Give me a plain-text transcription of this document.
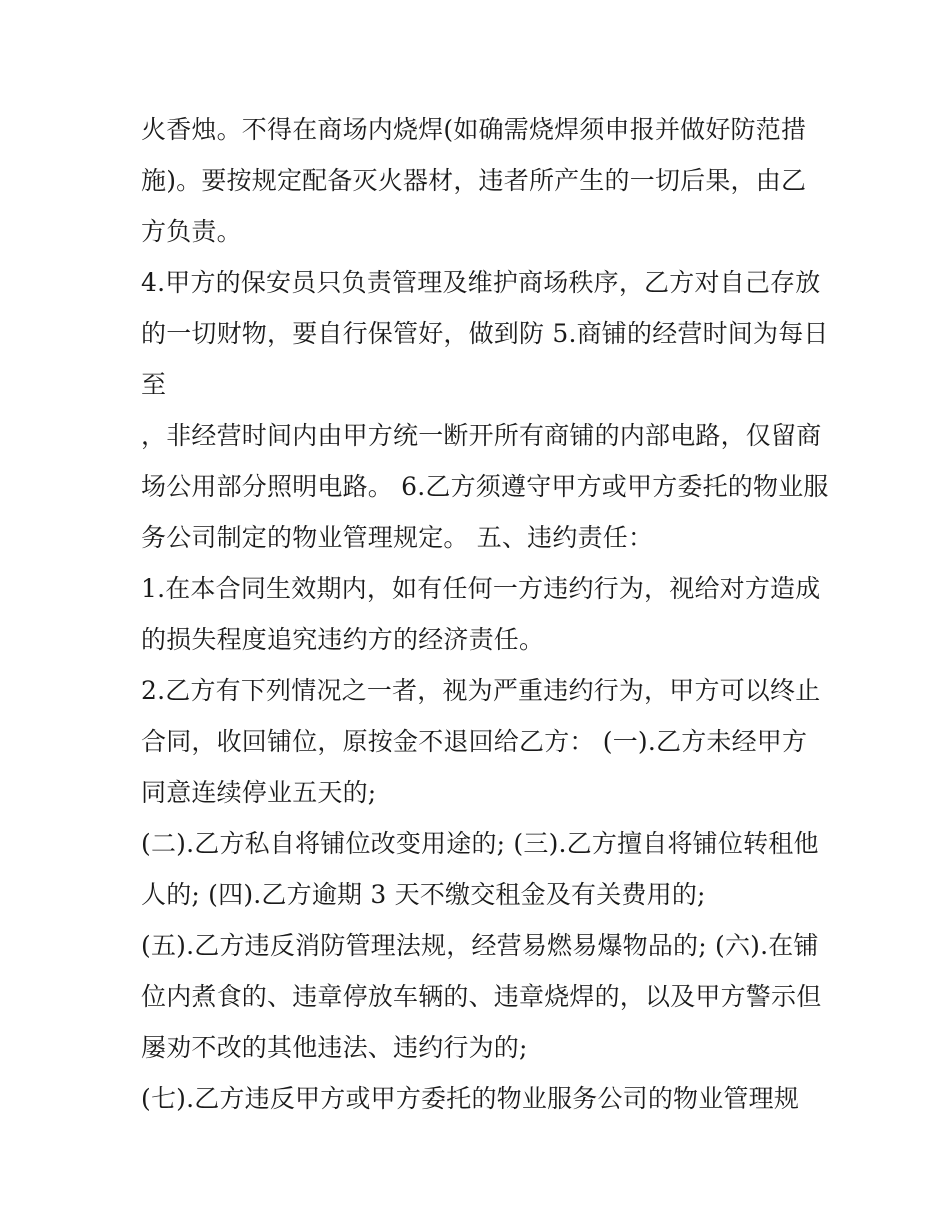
火香烛。不得在商场内烧焊(如确需烧焊须申报并做好防范措
施)。要按规定配备灭火器材，违者所产生的一切后果，由乙
方负责。
4.甲方的保安员只负责管理及维护商场秩序，乙方对自己存放
的一切财物，要自行保管好，做到防 5.商铺的经营时间为每日
至
，非经营时间内由甲方统一断开所有商铺的内部电路，仅留商
场公用部分照明电路。 6.乙方须遵守甲方或甲方委托的物业服
务公司制定的物业管理规定。 五、违约责任：
1.在本合同生效期内，如有任何一方违约行为，视给对方造成
的损失程度追究违约方的经济责任。
2.乙方有下列情况之一者，视为严重违约行为，甲方可以终止
合同，收回铺位，原按金不退回给乙方： (一).乙方未经甲方
同意连续停业五天的;
(二).乙方私自将铺位改变用途的; (三).乙方擅自将铺位转租他
人的; (四).乙方逾期 3 天不缴交租金及有关费用的;
(五).乙方违反消防管理法规，经营易燃易爆物品的; (六).在铺
位内煮食的、违章停放车辆的、违章烧焊的，以及甲方警示但
屡劝不改的其他违法、违约行为的;
(七).乙方违反甲方或甲方委托的物业服务公司的物业管理规
